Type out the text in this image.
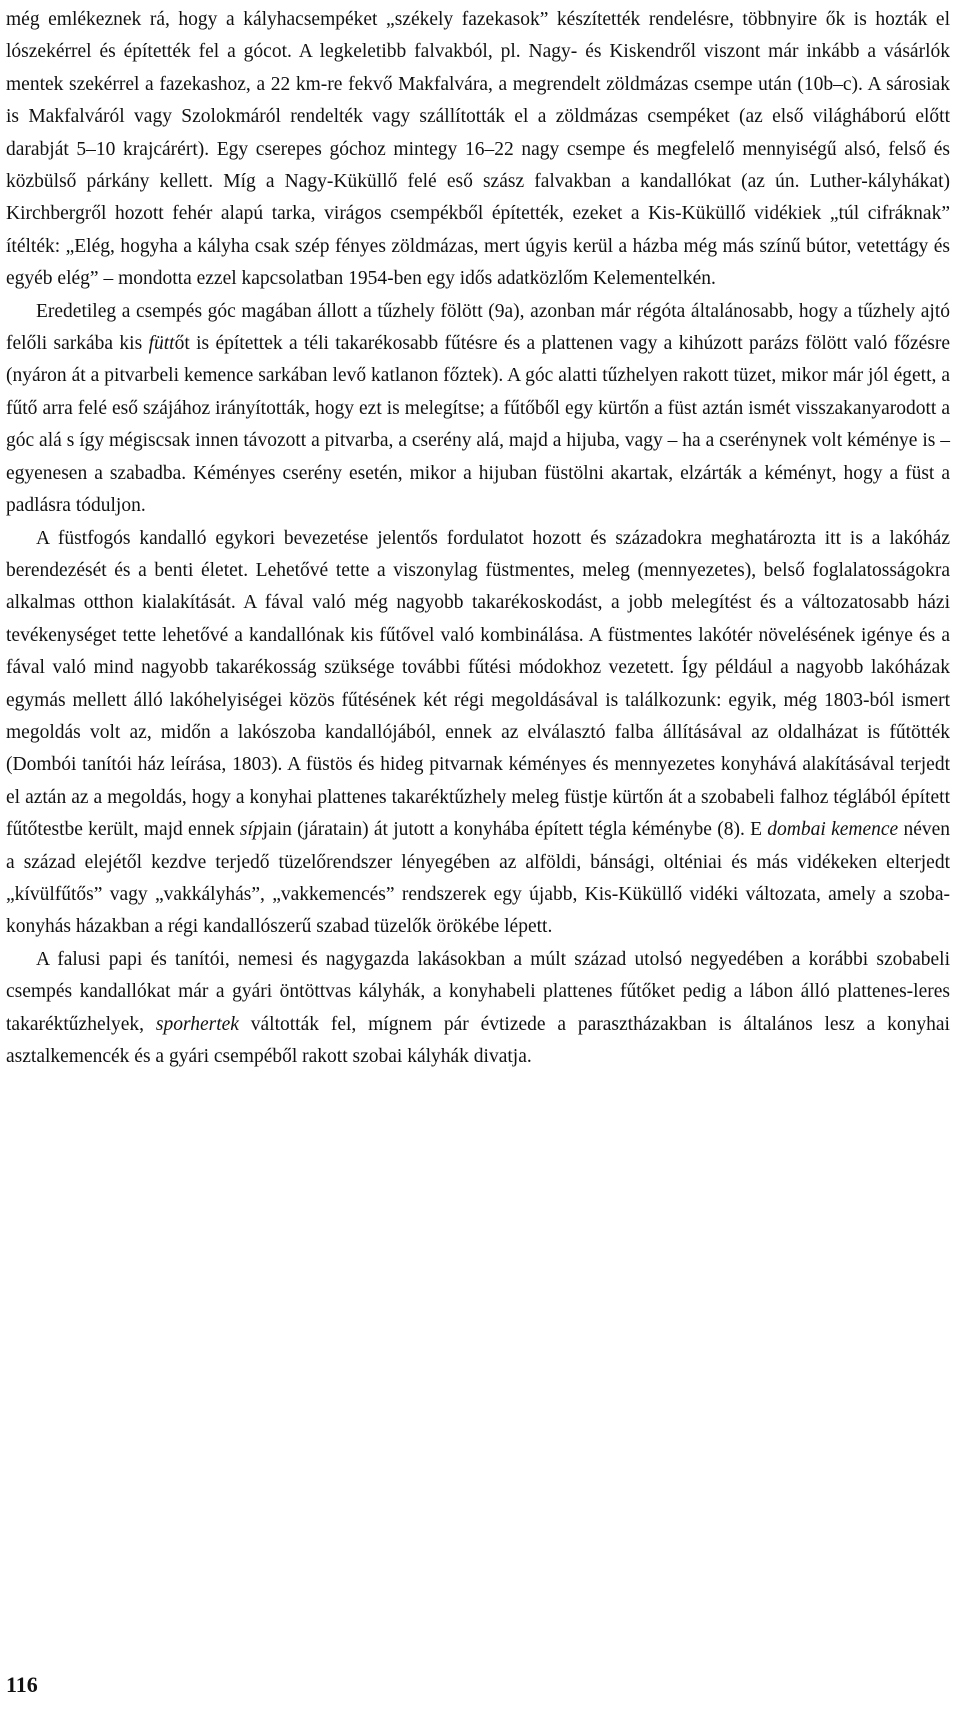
még emlékeznek rá, hogy a kályhacsempéket „székely fazekasok” készítették rendelésre, többnyire ők is hozták el lószekérrel és építették fel a gócot. A legkeletibb falvakból, pl. Nagy- és Kiskendről viszont már inkább a vásárlók mentek szekérrel a fazekashoz, a 22 km-re fekvő Makfalvára, a megrendelt zöldmázas csempe után (10b–c). A sárosiak is Makfalváról vagy Szolokmáról rendelték vagy szállították el a zöldmázas csempéket (az első világháború előtt darabját 5–10 krajcárért). Egy cserepes góchoz mintegy 16–22 nagy csempe és megfelelő mennyiségű alsó, felső és közbülső párkány kellett. Míg a Nagy-Küküllő felé eső szász falvakban a kandallókat (az ún. Luther-kályhákat) Kirchbergről hozott fehér alapú tarka, virágos csempékből építették, ezeket a Kis-Küküllő vidékiek „túl cifráknak” ítélték: „Elég, hogyha a kályha csak szép fényes zöldmázas, mert úgyis kerül a házba még más színű bútor, vetettágy és egyéb elég” – mondotta ezzel kapcsolatban 1954-ben egy idős adatközlőm Kelementelkén.

Eredetileg a csempés góc magában állott a tűzhely fölött (9a), azonban már régóta általánosabb, hogy a tűzhely ajtó felőli sarkába kis füttőt is építettek a téli takarékosabb fűtésre és a plattenen vagy a kihúzott parázs fölött való főzésre (nyáron át a pitvarbeli kemence sarkában levő katlanon főztek). A góc alatti tűzhelyen rakott tüzet, mikor már jól égett, a fűtő arra felé eső szájához irányították, hogy ezt is melegítse; a fűtőből egy kürtőn a füst aztán ismét visszakanyarodott a góc alá s így mégiscsak innen távozott a pitvarba, a cserény alá, majd a hijuba, vagy – ha a cserénynek volt kéménye is – egyenesen a szabadba. Kéményes cserény esetén, mikor a hijuban füstölni akartak, elzárták a kéményt, hogy a füst a padlásra tóduljon.

A füstfogós kandalló egykori bevezetése jelentős fordulatot hozott és századokra meghatározta itt is a lakóház berendezését és a benti életet. Lehetővé tette a viszonylag füstmentes, meleg (mennyezetes), belső foglalatosságokra alkalmas otthon kialakítását. A fával való még nagyobb takarékoskodást, a jobb melegítést és a változatosabb házi tevékenységet tette lehetővé a kandallónak kis fűtővel való kombinálása. A füstmentes lakótér növelésének igénye és a fával való mind nagyobb takarékosság szüksége további fűtési módokhoz vezetett. Így például a nagyobb lakóházak egymás mellett álló lakóhelyiségei közös fűtésének két régi megoldásával is találkozunk: egyik, még 1803-ból ismert megoldás volt az, midőn a lakószoba kandallójából, ennek az elválasztó falba állításával az oldalházat is fűtötték (Dombói tanítói ház leírása, 1803). A füstös és hideg pitvarnak kéményes és mennyezetes konyhává alakításával terjedt el aztán az a megoldás, hogy a konyhai plattenes takaréktűzhely meleg füstje kürtőn át a szobabeli falhoz téglából épített fűtőtestbe került, majd ennek sípjain (járatain) át jutott a konyhába épített tégla kéménybe (8). E dombai kemence néven a század elejétől kezdve terjedő tüzelőrendszer lényegében az alföldi, bánsági, olténiai és más vidékeken elterjedt „kívülfűtős” vagy „vakkályhás”, „vakkemencés” rendszerek egy újabb, Kis-Küküllő vidéki változata, amely a szoba-konyhás házakban a régi kandallószerű szabad tüzelők örökébe lépett.

A falusi papi és tanítói, nemesi és nagygazda lakásokban a múlt század utolsó negyedében a korábbi szobabeli csempés kandallókat már a gyári öntöttvas kályhák, a konyhabeli plattenes fűtőket pedig a lábon álló plattenes-leres takaréktűzhelyek, sporhertek váltották fel, mígnem pár évtizede a parasztházakban is általános lesz a konyhai asztalkemencék és a gyári csempéből rakott szobai kályhák divatja.

116
